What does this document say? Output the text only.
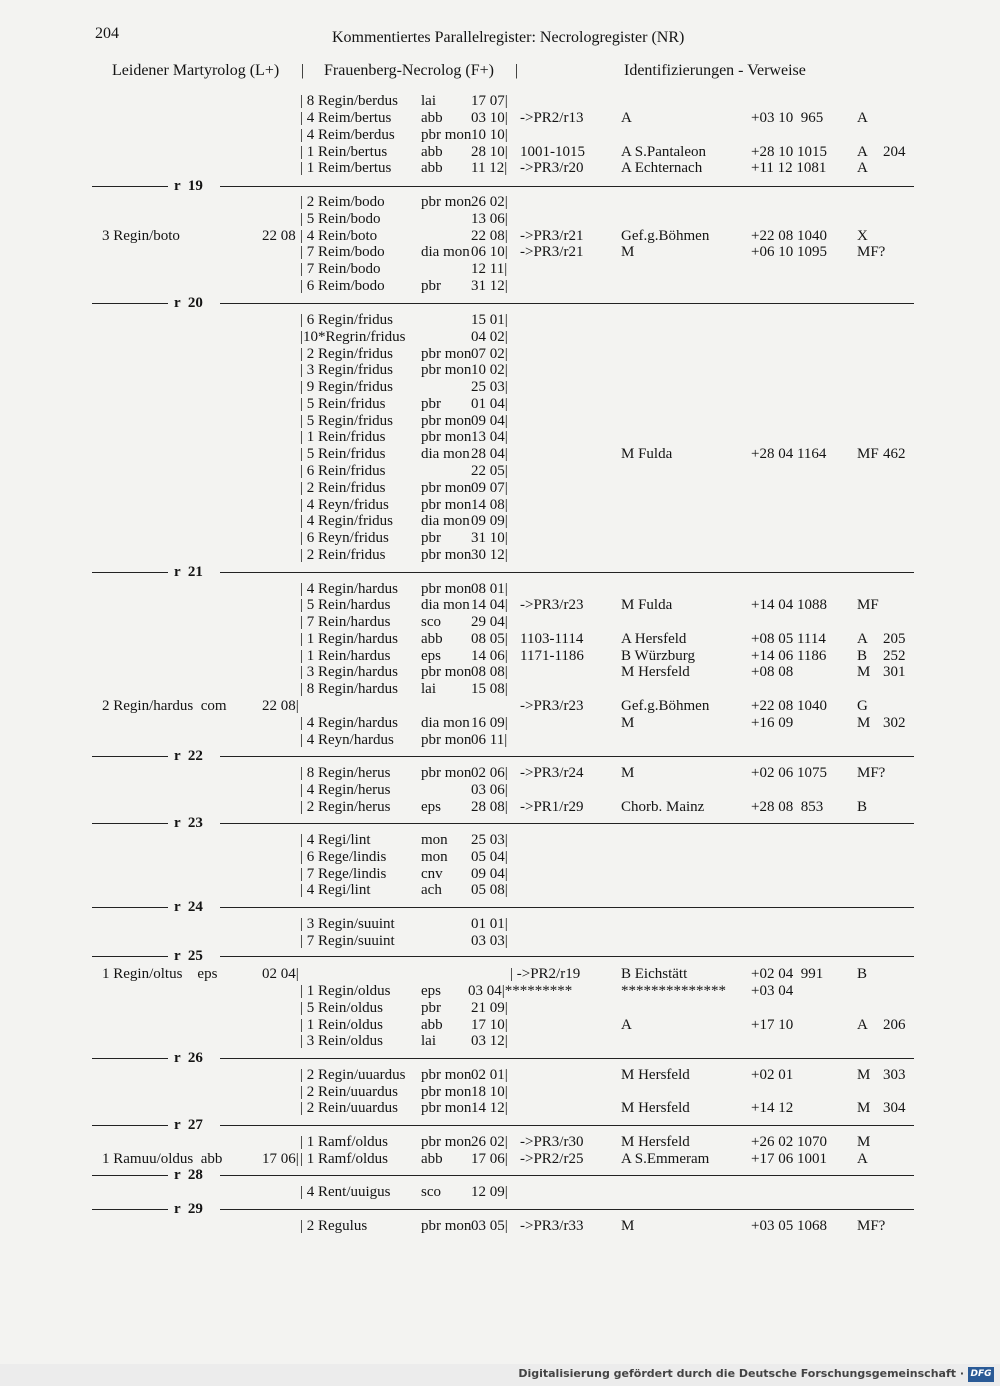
204	Kommentiertes Parallelregister: Necrologregister (NR)
Leidener Martyrolog (L+) | Frauenberg-Necrolog (F+) |	Identifizierungen - Verweise
| 8 Regin/berdus lai 17 07|
| 4 Reim/bertus abb 03 10| ->PR2/r13	A	+03 10  965 A
| 4 Reim/berdus pbr mon 10 10|
| 1 Rein/bertus abb 28 10| 1001-1015 A S.Pantaleon	+28 10 1015 A 204
| 1 Reim/bertus abb 11 12| ->PR3/r20	A Echternach	+11 12 1081 A
| 2 Reim/bodo pbr mon 26 02|
| 5 Rein/bodo	13 06|
3 Regin/boto	22 08 | 4 Rein/boto	22 08| ->PR3/r21	Gef.g.Böhmen	+22 08 1040 X
| 7 Reim/bodo dia mon 06 10| ->PR3/r21	M	+06 10 1095 MF?
| 7 Rein/bodo	12 11|
| 6 Reim/bodo pbr 31 12|
| 6 Regin/fridus	15 01|
|10*Regrin/fridus	04 02|
| 2 Regin/fridus pbr mon 07 02|
| 3 Regin/fridus pbr mon 10 02|
| 9 Regin/fridus	25 03|
| 5 Rein/fridus pbr 01 04|
| 5 Regin/fridus pbr mon 09 04|
| 1 Rein/fridus pbr mon 13 04|
| 5 Rein/fridus dia mon 28 04|	M Fulda	+28 04 1164 MF 462
| 6 Rein/fridus	22 05|
| 2 Rein/fridus pbr mon 09 07|
| 4 Reyn/fridus pbr mon 14 08|
| 4 Regin/fridus dia mon 09 09|
| 6 Reyn/fridus pbr 31 10|
| 2 Rein/fridus pbr mon 30 12|
| 4 Regin/hardus pbr mon 08 01|
| 5 Rein/hardus dia mon 14 04| ->PR3/r23	M Fulda	+14 04 1088 MF
| 7 Rein/hardus sco 29 04|
| 1 Regin/hardus abb 08 05| 1103-1114	A Hersfeld	+08 05 1114 A 205
| 1 Rein/hardus eps 14 06| 1171-1186 B Würzburg	+14 06 1186 B 252
| 3 Regin/hardus pbr mon 08 08|	M Hersfeld	+08 08	M 301
| 8 Regin/hardus lai 15 08|
2 Regin/hardus  com 22 08|	->PR3/r23	Gef.g.Böhmen	+22 08 1040 G
| 4 Regin/hardus dia mon 16 09|	M	+16 09	M 302
| 4 Reyn/hardus pbr mon 06 11|
| 8 Regin/herus pbr mon 02 06| ->PR3/r24	M	+02 06 1075 MF?
| 4 Regin/herus	03 06|
| 2 Regin/herus eps 28 08| ->PR1/r29	Chorb. Mainz	+28 08  853 B
| 4 Regi/lint	mon 25 03|
| 6 Rege/lindis mon 05 04|
| 7 Rege/lindis cnv 09 04|
| 4 Regi/lint	ach 05 08|
| 3 Regin/suuint	01 01|
| 7 Regin/suuint	03 03|
1 Regin/oltus    eps	02 04|	| ->PR2/r19	B Eichstätt	+02 04  991 B
| 1 Regin/oldus eps 03 04|*********	************** +03 04
| 5 Rein/oldus	pbr 21 09|
| 1 Rein/oldus	abb 17 10|	A	+17 10	A 206
| 3 Rein/oldus	lai 03 12|
| 2 Regin/uuardus pbr mon 02 01|	M Hersfeld	+02 01	M 303
| 2 Rein/uuardus pbr mon 18 10|
| 2 Rein/uuardus pbr mon 14 12|	M Hersfeld	+14 12	M 304
| 1 Ramf/oldus pbr mon 26 02| ->PR3/r30	M Hersfeld	+26 02 1070 M
1 Ramuu/oldus  abb	17 06| | 1 Ramf/oldus abb 17 06| ->PR2/r25	A S.Emmeram	+17 06 1001 A
| 4 Rent/uuigus sco 12 09|
| 2 Regulus	pbr mon 03 05| ->PR3/r33	M	+03 05 1068 MF?
r  19
r  20
r  21
r  22
r  23
r  24
r  25
r  26
r  27
r  28
r  29
Digitalisierung gefördert durch die Deutsche Forschungsgemeinschaft · DFG
